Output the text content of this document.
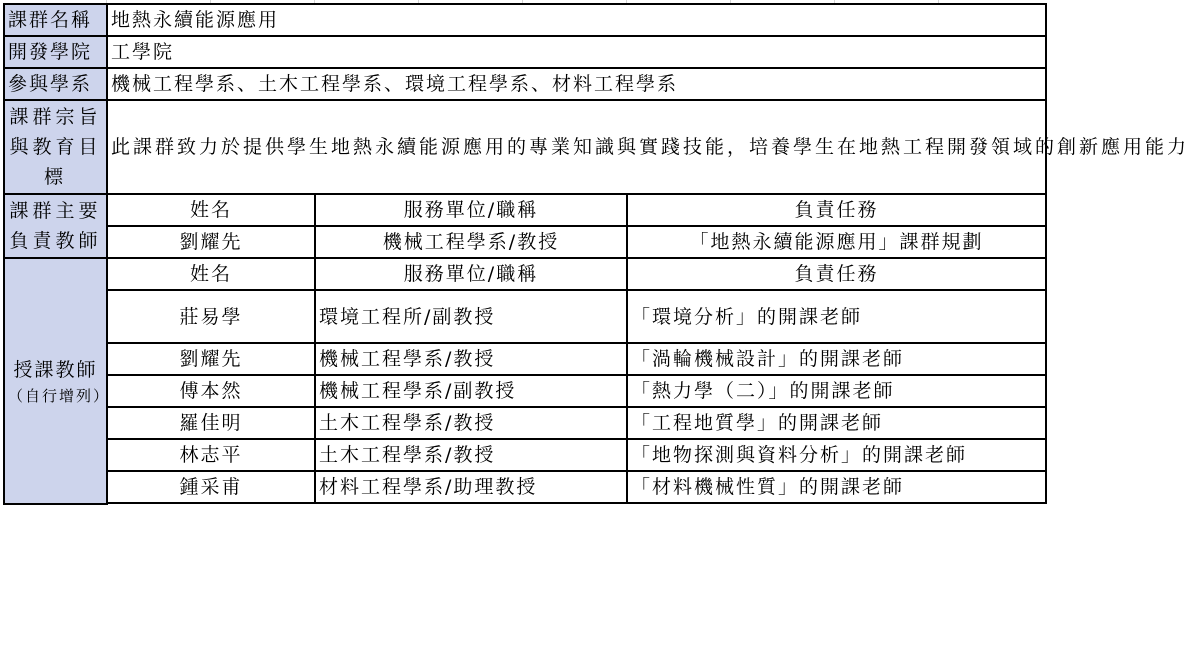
課群名稱	地熱永續能源應用		
開發學院	工學院		
參與學系	機械工程學系、土木工程學系、環境工程學系、材料工程學系		
課群宗旨
與教育目
標	此課群致力於提供學生地熱永續能源應用的專業知識與實踐技能，培養學生在地熱工程開發領域的創新應用能力		
課群主要
負責教師	姓名	服務單位/職稱	負責任務
	劉耀先	機械工程學系/教授	「地熱永續能源應用」課群規劃
授課教師
（自行增列）	姓名	服務單位/職稱	負責任務
	莊易學	環境工程所/副教授	「環境分析」的開課老師
	劉耀先	機械工程學系/教授	「渦輪機械設計」的開課老師
	傅本然	機械工程學系/副教授	「熱力學（二）」的開課老師
	羅佳明	土木工程學系/教授	「工程地質學」的開課老師
	林志平	土木工程學系/教授	「地物探測與資料分析」的開課老師
	鍾采甫	材料工程學系/助理教授	「材料機械性質」的開課老師
